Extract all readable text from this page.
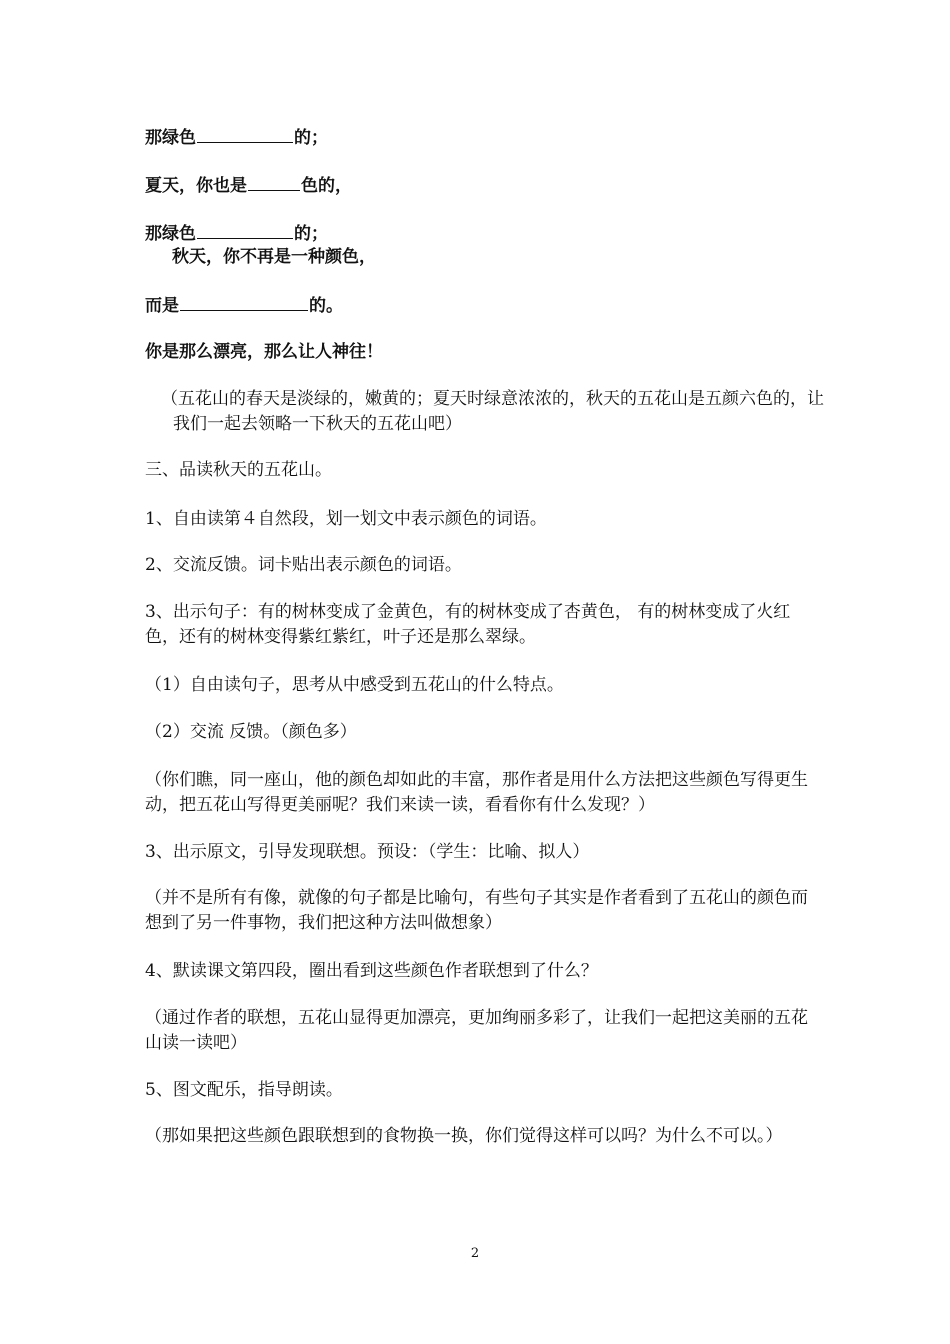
那绿色	的；

夏天，你也是	色的，

那绿色	的；

秋天，你不再是一种颜色，

而是	的。

你是那么漂亮，那么让人神往！

（五花山的春天是淡绿的，嫩黄的；夏天时绿意浓浓的，秋天的五花山是五颜六色的，让我们一起去领略一下秋天的五花山吧）

三、品读秋天的五花山。

1、自由读第４自然段，划一划文中表示颜色的词语。

2、交流反馈。词卡贴出表示颜色的词语。

3、出示句子：有的树林变成了金黄色，有的树林变成了杏黄色， 有的树林变成了火红色，还有的树林变得紫红紫红，叶子还是那么翠绿。

（1）自由读句子，思考从中感受到五花山的什么特点。

（2）交流 反馈。（颜色多）

（你们瞧，同一座山，他的颜色却如此的丰富，那作者是用什么方法把这些颜色写得更生动，把五花山写得更美丽呢？我们来读一读，看看你有什么发现？）

3、出示原文，引导发现联想。预设：（学生：比喻、拟人）

（并不是所有有像，就像的句子都是比喻句，有些句子其实是作者看到了五花山的颜色而想到了另一件事物，我们把这种方法叫做想象）

4、默读课文第四段，圈出看到这些颜色作者联想到了什么？

（通过作者的联想，五花山显得更加漂亮，更加绚丽多彩了，让我们一起把这美丽的五花山读一读吧）

5、图文配乐，指导朗读。

（那如果把这些颜色跟联想到的食物换一换，你们觉得这样可以吗？为什么不可以。）

2
